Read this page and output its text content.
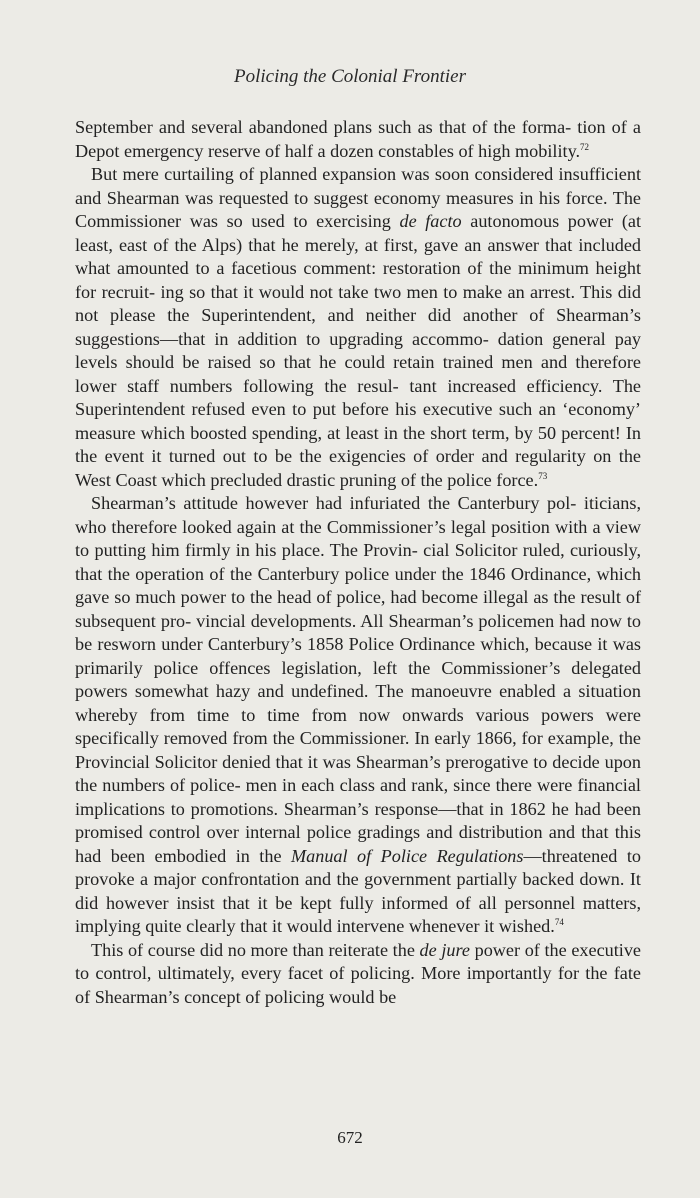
Policing the Colonial Frontier

September and several abandoned plans such as that of the forma- tion of a Depot emergency reserve of half a dozen constables of high mobility.$^{72}$

But mere curtailing of planned expansion was soon considered insufficient and Shearman was requested to suggest economy measures in his force. The Commissioner was so used to exercising de facto autonomous power (at least, east of the Alps) that he merely, at first, gave an answer that included what amounted to a facetious comment: restoration of the minimum height for recruit- ing so that it would not take two men to make an arrest. This did not please the Superintendent, and neither did another of Shearman’s suggestions—that in addition to upgrading accommo- dation general pay levels should be raised so that he could retain trained men and therefore lower staff numbers following the resul- tant increased efficiency. The Superintendent refused even to put before his executive such an ‘economy’ measure which boosted spending, at least in the short term, by 50 percent! In the event it turned out to be the exigencies of order and regularity on the West Coast which precluded drastic pruning of the police force.$^{73}$

Shearman’s attitude however had infuriated the Canterbury pol- iticians, who therefore looked again at the Commissioner’s legal position with a view to putting him firmly in his place. The Provin- cial Solicitor ruled, curiously, that the operation of the Canterbury police under the 1846 Ordinance, which gave so much power to the head of police, had become illegal as the result of subsequent pro- vincial developments. All Shearman’s policemen had now to be resworn under Canterbury’s 1858 Police Ordinance which, because it was primarily police offences legislation, left the Commissioner’s delegated powers somewhat hazy and undefined. The manoeuvre enabled a situation whereby from time to time from now onwards various powers were specifically removed from the Commissioner. In early 1866, for example, the Provincial Solicitor denied that it was Shearman’s prerogative to decide upon the numbers of police- men in each class and rank, since there were financial implications to promotions. Shearman’s response—that in 1862 he had been promised control over internal police gradings and distribution and that this had been embodied in the Manual of Police Regulations—threatened to provoke a major confrontation and the government partially backed down. It did however insist that it be kept fully informed of all personnel matters, implying quite clearly that it would intervene whenever it wished.$^{74}$

This of course did no more than reiterate the de jure power of the executive to control, ultimately, every facet of policing. More importantly for the fate of Shearman’s concept of policing would be

672
